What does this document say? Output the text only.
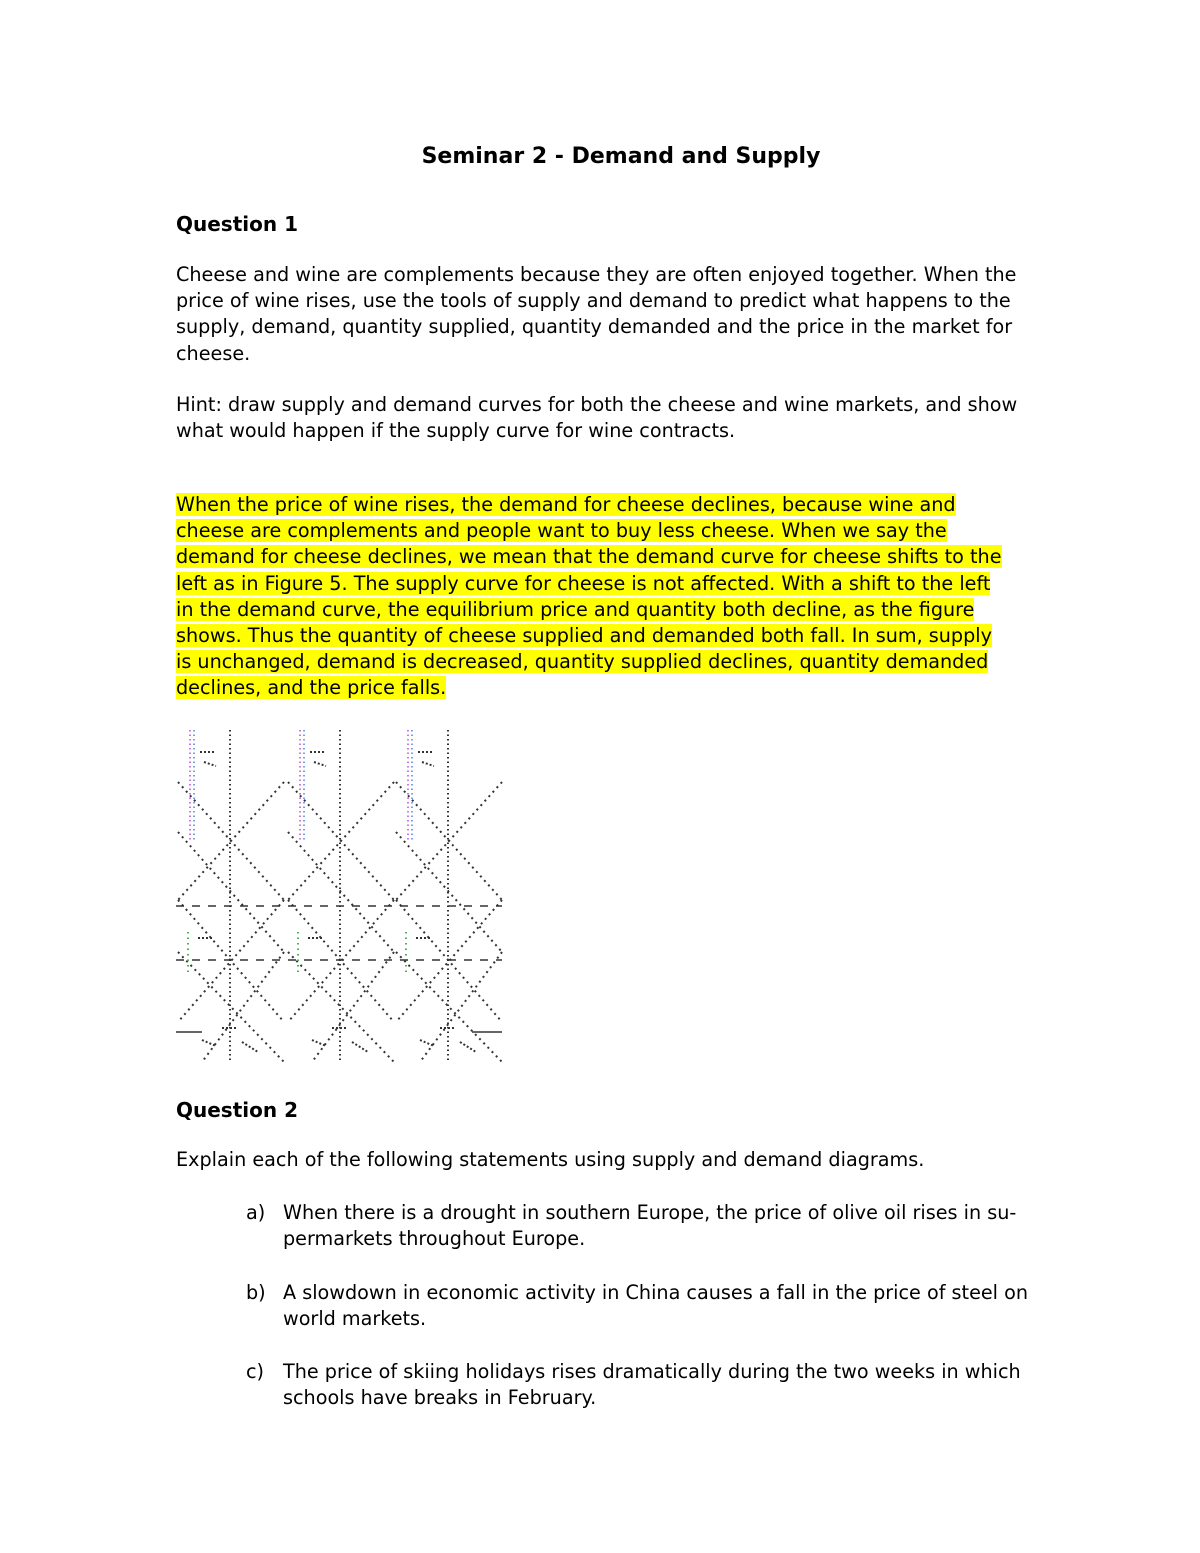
Seminar 2 - Demand and Supply
Question 1
Cheese and wine are complements because they are often enjoyed together. When the
price of wine rises, use the tools of supply and demand to predict what happens to the
supply, demand, quantity supplied, quantity demanded and the price in the market for
cheese.
Hint: draw supply and demand curves for both the cheese and wine markets, and show
what would happen if the supply curve for wine contracts.
When the price of wine rises, the demand for cheese declines, because wine and
cheese are complements and people want to buy less cheese. When we say the
demand for cheese declines, we mean that the demand curve for cheese shifts to the
left as in Figure 5. The supply curve for cheese is not affected. With a shift to the left
in the demand curve, the equilibrium price and quantity both decline, as the figure
shows. Thus the quantity of cheese supplied and demanded both fall. In sum, supply
is unchanged, demand is decreased, quantity supplied declines, quantity demanded
declines, and the price falls.
Question 2
Explain each of the following statements using supply and demand diagrams.
a) When there is a drought in southern Europe, the price of olive oil rises in su-
permarkets throughout Europe.
b) A slowdown in economic activity in China causes a fall in the price of steel on
world markets.
c) The price of skiing holidays rises dramatically during the two weeks in which
schools have breaks in February.
